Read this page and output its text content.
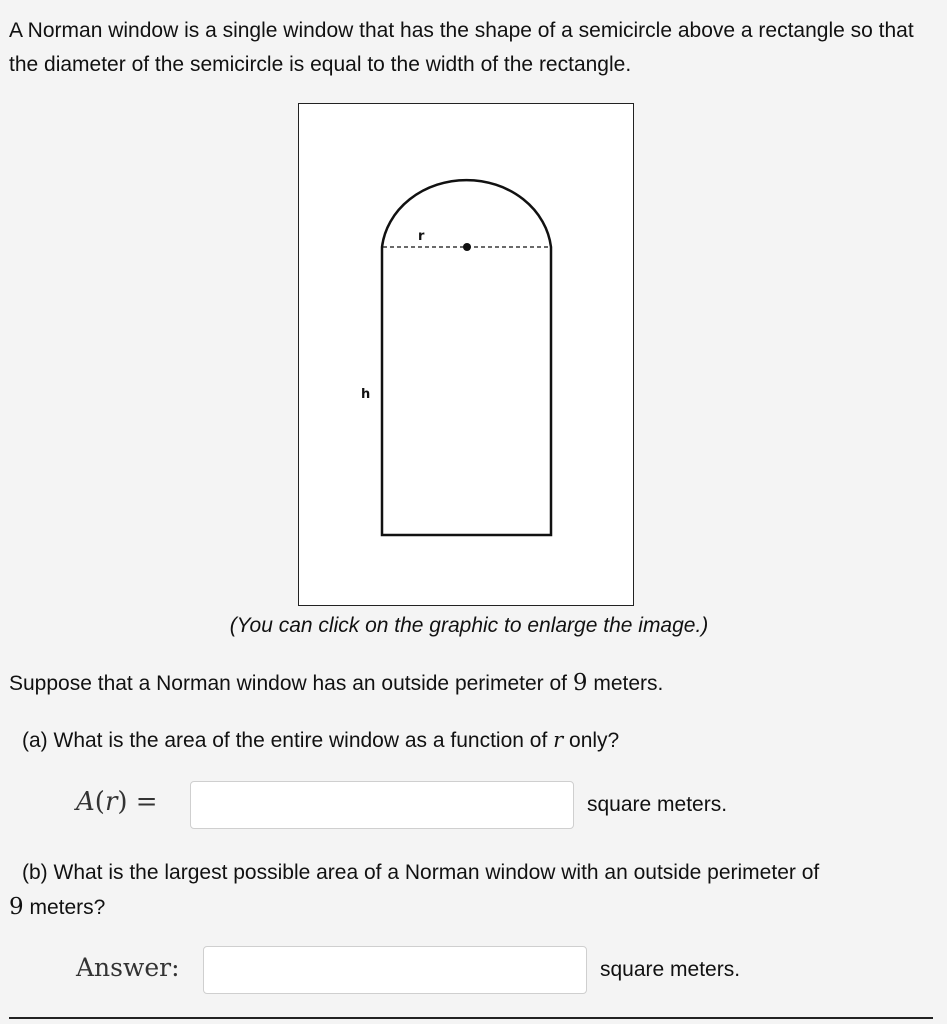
A Norman window is a single window that has the shape of a semicircle above a rectangle so that the diameter of the semicircle is equal to the width of the rectangle.

r
h
(You can click on the graphic to enlarge the image.)

Suppose that a Norman window has an outside perimeter of 9 meters.

(a) What is the area of the entire window as a function of r only?

A(r) =	square meters.

(b) What is the largest possible area of a Norman window with an outside perimeter of
9 meters?

Answer:	square meters.
